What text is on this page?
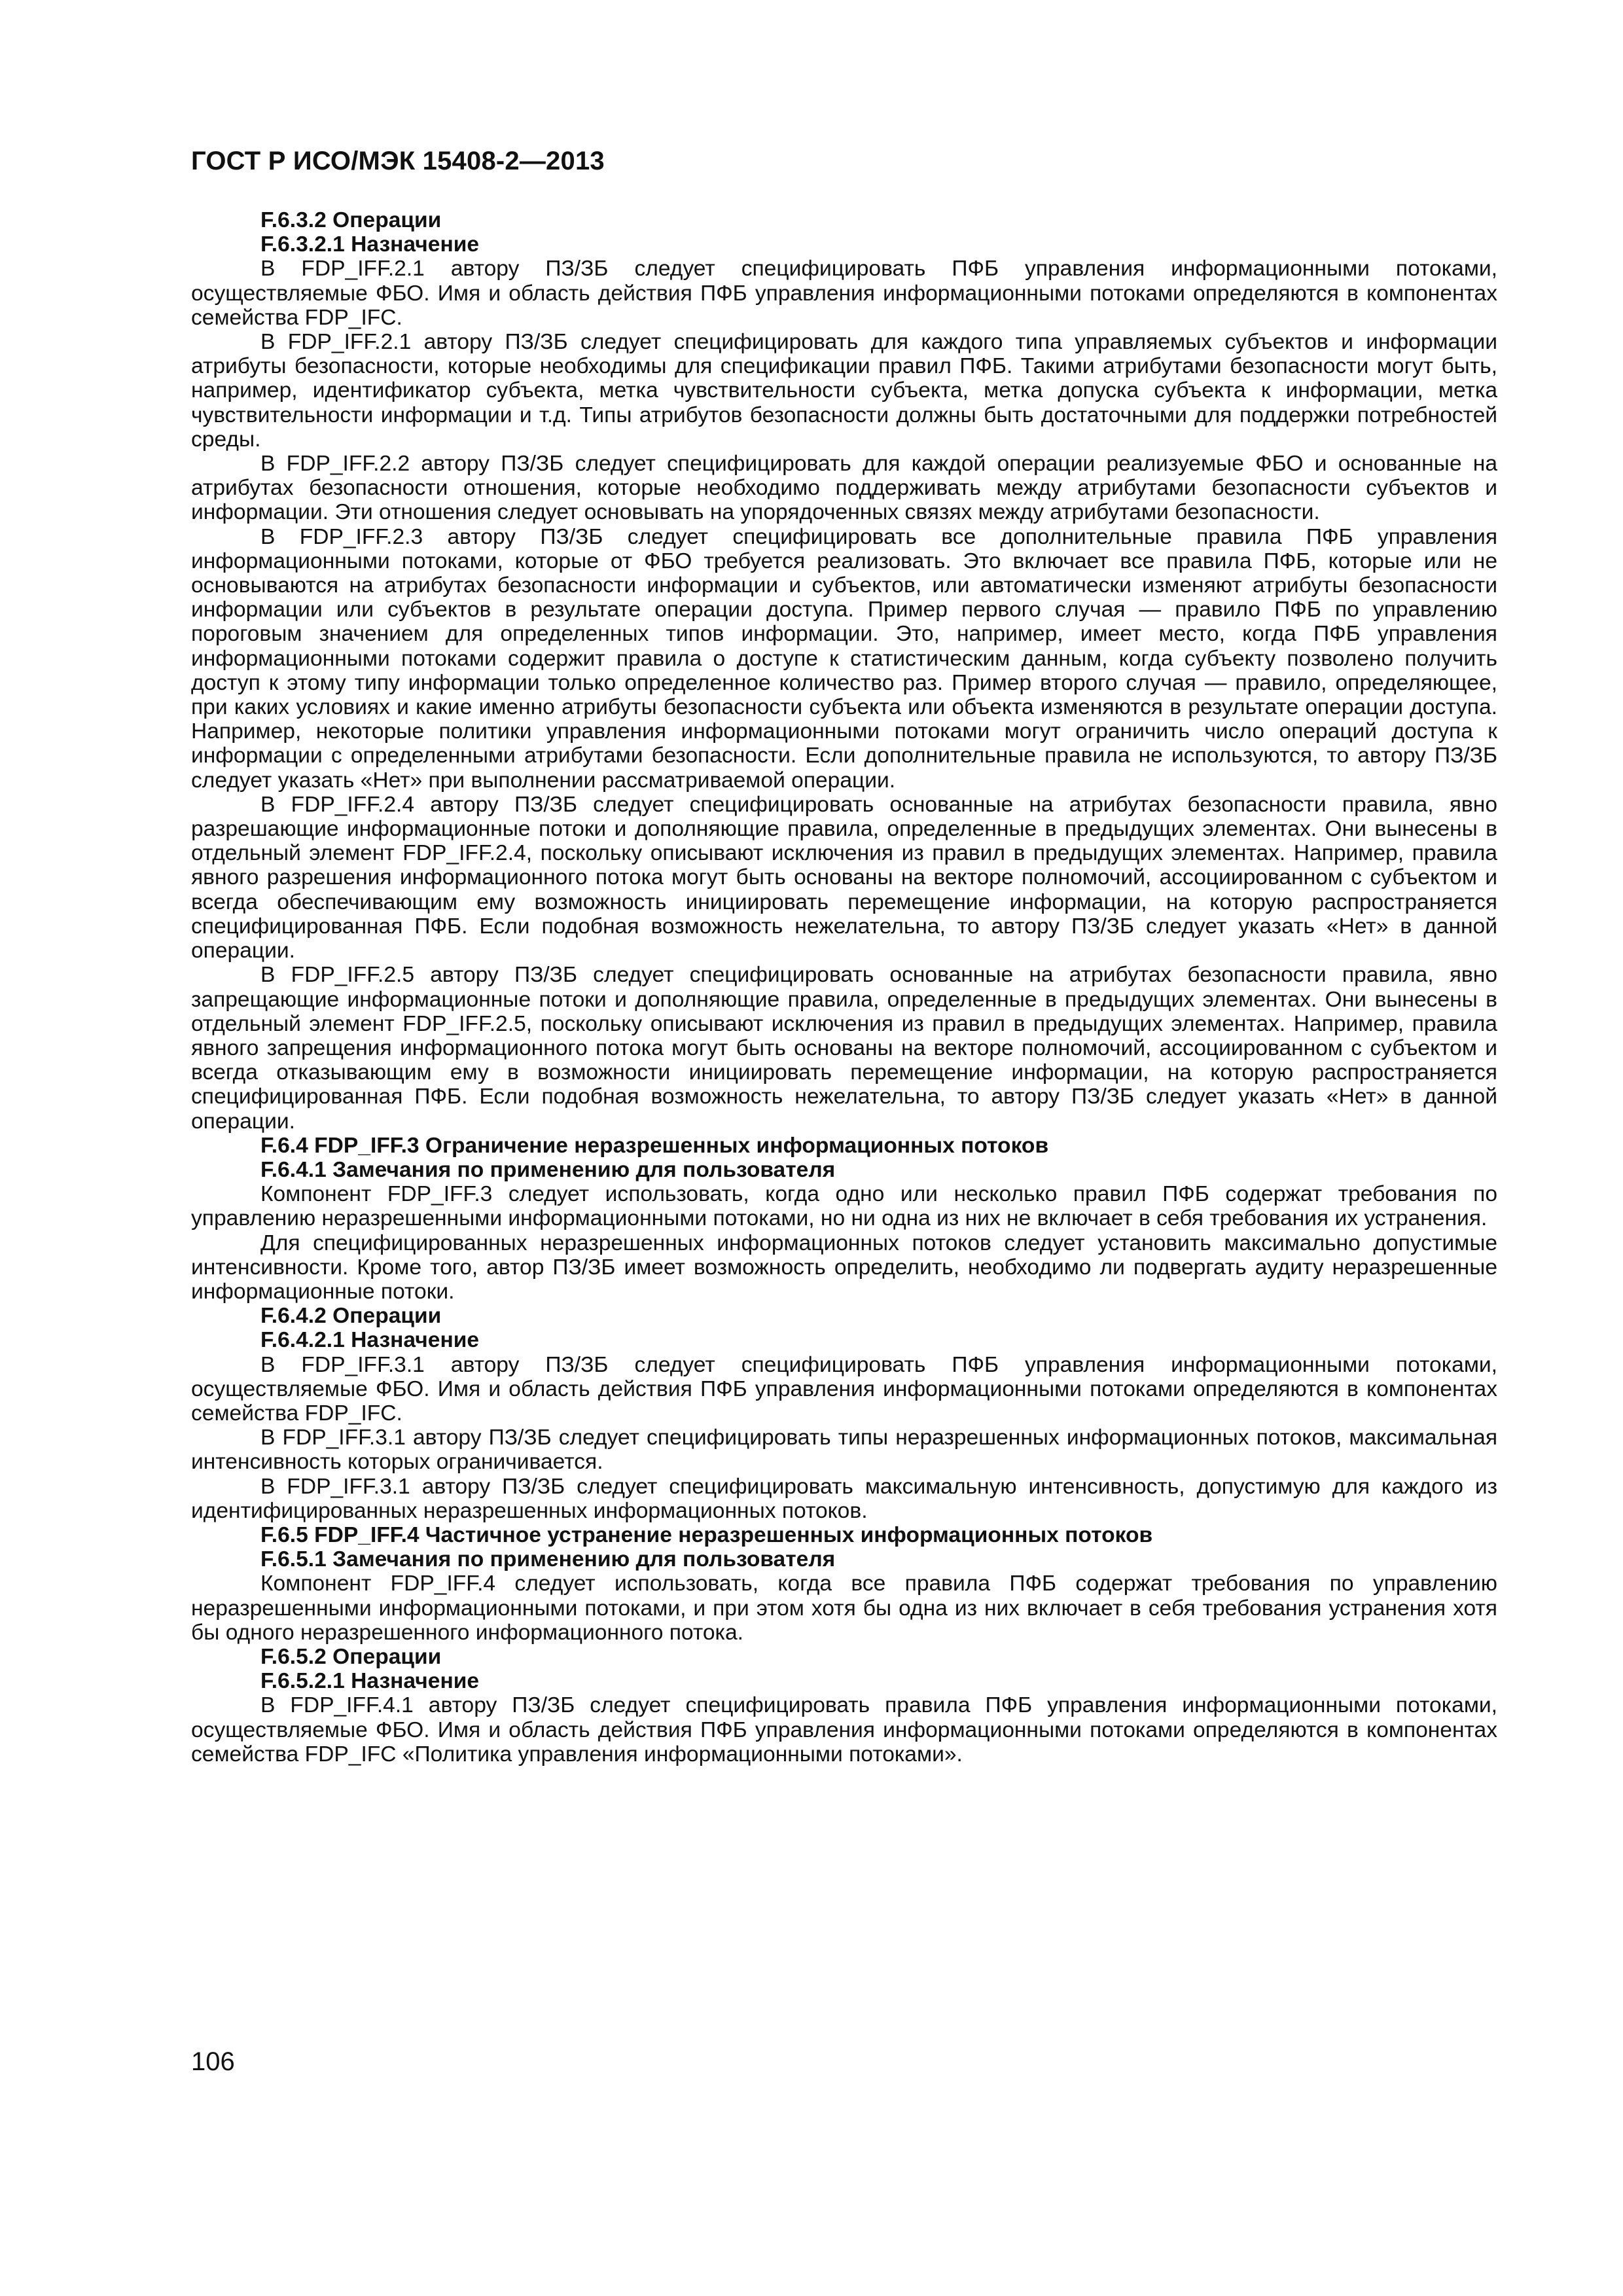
ГОСТ Р ИСО/МЭК 15408-2—2013
F.6.3.2 Операции
F.6.3.2.1 Назначение

В FDP_IFF.2.1 автору ПЗ/ЗБ следует специфицировать ПФБ управления информационными потоками, осуществляемые ФБО. Имя и область действия ПФБ управления информационными потоками определяются в компонентах семейства FDP_IFC.

В FDP_IFF.2.1 автору ПЗ/ЗБ следует специфицировать для каждого типа управляемых субъектов и информации атрибуты безопасности, которые необходимы для спецификации правил ПФБ. Такими атрибутами безопасности могут быть, например, идентификатор субъекта, метка чувствительности субъекта, метка допуска субъекта к информации, метка чувствительности информации и т.д. Типы атрибутов безопасности должны быть достаточными для поддержки потребностей среды.

В FDP_IFF.2.2 автору ПЗ/ЗБ следует специфицировать для каждой операции реализуемые ФБО и основанные на атрибутах безопасности отношения, которые необходимо поддерживать между атрибутами безопасности субъектов и информации. Эти отношения следует основывать на упорядоченных связях между атрибутами безопасности.

В FDP_IFF.2.3 автору ПЗ/ЗБ следует специфицировать все дополнительные правила ПФБ управления информационными потоками, которые от ФБО требуется реализовать. Это включает все правила ПФБ, которые или не основываются на атрибутах безопасности информации и субъектов, или автоматически изменяют атрибуты безопасности информации или субъектов в результате операции доступа. Пример первого случая — правило ПФБ по управлению пороговым значением для определенных типов информации. Это, например, имеет место, когда ПФБ управления информационными потоками содержит правила о доступе к статистическим данным, когда субъекту позволено получить доступ к этому типу информации только определенное количество раз. Пример второго случая — правило, определяющее, при каких условиях и какие именно атрибуты безопасности субъекта или объекта изменяются в результате операции доступа. Например, некоторые политики управления информационными потоками могут ограничить число операций доступа к информации с определенными атрибутами безопасности. Если дополнительные правила не используются, то автору ПЗ/ЗБ следует указать «Нет» при выполнении рассматриваемой операции.

В FDP_IFF.2.4 автору ПЗ/ЗБ следует специфицировать основанные на атрибутах безопасности правила, явно разрешающие информационные потоки и дополняющие правила, определенные в предыдущих элементах. Они вынесены в отдельный элемент FDP_IFF.2.4, поскольку описывают исключения из правил в предыдущих элементах. Например, правила явного разрешения информационного потока могут быть основаны на векторе полномочий, ассоциированном с субъектом и всегда обеспечивающим ему возможность инициировать перемещение информации, на которую распространяется специфицированная ПФБ. Если подобная возможность нежелательна, то автору ПЗ/ЗБ следует указать «Нет» в данной операции.

В FDP_IFF.2.5 автору ПЗ/ЗБ следует специфицировать основанные на атрибутах безопасности правила, явно запрещающие информационные потоки и дополняющие правила, определенные в предыдущих элементах. Они вынесены в отдельный элемент FDP_IFF.2.5, поскольку описывают исключения из правил в предыдущих элементах. Например, правила явного запрещения информационного потока могут быть основаны на векторе полномочий, ассоциированном с субъектом и всегда отказывающим ему в возможности инициировать перемещение информации, на которую распространяется специфицированная ПФБ. Если подобная возможность нежелательна, то автору ПЗ/ЗБ следует указать «Нет» в данной операции.

F.6.4 FDP_IFF.3 Ограничение неразрешенных информационных потоков
F.6.4.1 Замечания по применению для пользователя

Компонент FDP_IFF.3 следует использовать, когда одно или несколько правил ПФБ содержат требования по управлению неразрешенными информационными потоками, но ни одна из них не включает в себя требования их устранения.

Для специфицированных неразрешенных информационных потоков следует установить максимально допустимые интенсивности. Кроме того, автор ПЗ/ЗБ имеет возможность определить, необходимо ли подвергать аудиту неразрешенные информационные потоки.

F.6.4.2 Операции
F.6.4.2.1 Назначение

В FDP_IFF.3.1 автору ПЗ/ЗБ следует специфицировать ПФБ управления информационными потоками, осуществляемые ФБО. Имя и область действия ПФБ управления информационными потоками определяются в компонентах семейства FDP_IFC.

В FDP_IFF.3.1 автору ПЗ/ЗБ следует специфицировать типы неразрешенных информационных потоков, максимальная интенсивность которых ограничивается.

В FDP_IFF.3.1 автору ПЗ/ЗБ следует специфицировать максимальную интенсивность, допустимую для каждого из идентифицированных неразрешенных информационных потоков.

F.6.5 FDP_IFF.4 Частичное устранение неразрешенных информационных потоков
F.6.5.1 Замечания по применению для пользователя

Компонент FDP_IFF.4 следует использовать, когда все правила ПФБ содержат требования по управлению неразрешенными информационными потоками, и при этом хотя бы одна из них включает в себя требования устранения хотя бы одного неразрешенного информационного потока.

F.6.5.2 Операции
F.6.5.2.1 Назначение

В FDP_IFF.4.1 автору ПЗ/ЗБ следует специфицировать правила ПФБ управления информационными потоками, осуществляемые ФБО. Имя и область действия ПФБ управления информационными потоками определяются в компонентах семейства FDP_IFC «Политика управления информационными потоками».

106
